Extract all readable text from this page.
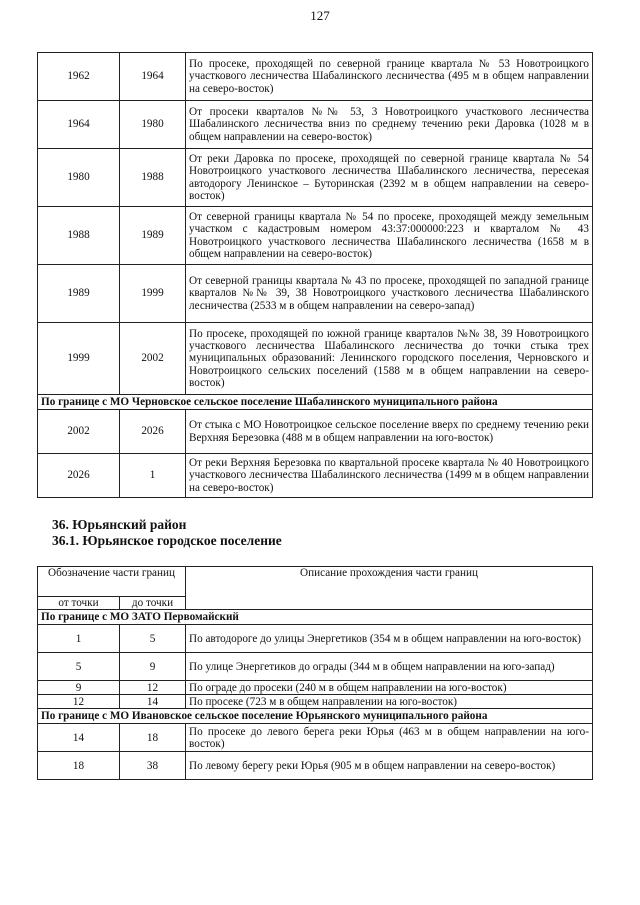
127
1962	1964	По просеке, проходящей по северной границе квартала № 53 Новотроицкого участкового лесничества Шабалинского лесничества (495 м в общем направлении на северо-восток)
1964	1980	От просеки кварталов №№ 53, 3 Новотроицкого участкового лесничества Шабалинского лесничества вниз по среднему течению реки Даровка (1028 м в общем направлении на северо-восток)
1980	1988	От реки Даровка по просеке, проходящей по северной границе квартала № 54 Новотроицкого участкового лесничества Шабалинского лесничества, пересекая автодорогу Ленинское – Буторинская (2392 м в общем направлении на северо-восток)
1988	1989	От северной границы квартала № 54 по просеке, проходящей между земельным участком с кадастровым номером 43:37:000000:223 и кварталом № 43 Новотроицкого участкового лесничества Шабалинского лесничества (1658 м в общем направлении на северо-восток)
1989	1999	От северной границы квартала № 43 по просеке, проходящей по западной границе кварталов №№ 39, 38 Новотроицкого участкового лесничества Шабалинского лесничества (2533 м в общем направлении на северо-запад)
1999	2002	По просеке, проходящей по южной границе кварталов №№ 38, 39 Новотроицкого участкового лесничества Шабалинского лесничества до точки стыка трех муниципальных образований: Ленинского городского поселения, Черновского и Новотроицкого сельских поселений (1588 м в общем направлении на северо-восток)
По границе с МО Черновское сельское поселение Шабалинского муниципального района		
2002	2026	От стыка с МО Новотроицкое сельское поселение вверх по среднему течению реки Верхняя Березовка (488 м в общем направлении на юго-восток)
2026	1	От реки Верхняя Березовка по квартальной просеке квартала № 40 Новотроицкого участкового лесничества Шабалинского лесничества (1499 м в общем направлении на северо-восток)
36. Юрьянский район
36.1. Юрьянское городское поселение
Обозначение части границ		Описание прохождения части границ
от точки	до точки	
По границе с МО ЗАТО Первомайский		
1	5	По автодороге до улицы Энергетиков (354 м в общем направлении на юго-восток)
5	9	По улице Энергетиков до ограды (344 м в общем направлении на юго-запад)
9	12	По ограде до просеки (240 м в общем направлении на юго-восток)
12	14	По просеке (723 м в общем направлении на юго-восток)
По границе с МО Ивановское сельское поселение Юрьянского муниципального района		
14	18	По просеке до левого берега реки Юрья (463 м в общем направлении на юго-восток)
18	38	По левому берегу реки Юрья (905 м в общем направлении на северо-восток)
